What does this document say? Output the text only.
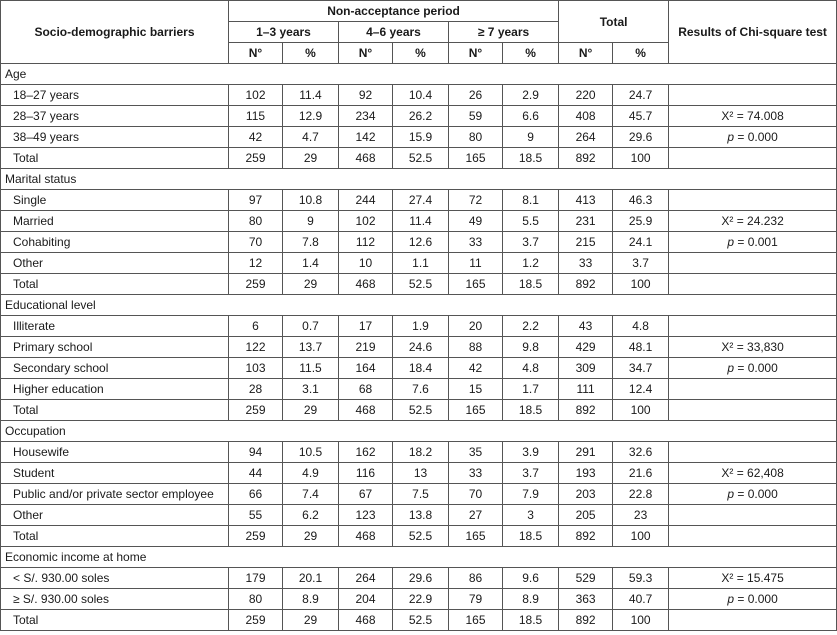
Socio-demographic barriers	Non-acceptance period						Total		Results of Chi-square test
	1–3 years		4–6 years		≥ 7 years				
	N°	%	N°	%	N°	%	N°	%	
Age									
18–27 years	102	11.4	92	10.4	26	2.9	220	24.7	
28–37 years	115	12.9	234	26.2	59	6.6	408	45.7	X² = 74.008
38–49 years	42	4.7	142	15.9	80	9	264	29.6	p = 0.000
Total	259	29	468	52.5	165	18.5	892	100	
Marital status									
Single	97	10.8	244	27.4	72	8.1	413	46.3	
Married	80	9	102	11.4	49	5.5	231	25.9	X² = 24.232
Cohabiting	70	7.8	112	12.6	33	3.7	215	24.1	p = 0.001
Other	12	1.4	10	1.1	11	1.2	33	3.7	
Total	259	29	468	52.5	165	18.5	892	100	
Educational level									
Illiterate	6	0.7	17	1.9	20	2.2	43	4.8	
Primary school	122	13.7	219	24.6	88	9.8	429	48.1	X² = 33,830
Secondary school	103	11.5	164	18.4	42	4.8	309	34.7	p = 0.000
Higher education	28	3.1	68	7.6	15	1.7	111	12.4	
Total	259	29	468	52.5	165	18.5	892	100	
Occupation									
Housewife	94	10.5	162	18.2	35	3.9	291	32.6	
Student	44	4.9	116	13	33	3.7	193	21.6	X² = 62,408
Public and/or private sector employee	66	7.4	67	7.5	70	7.9	203	22.8	p = 0.000
Other	55	6.2	123	13.8	27	3	205	23	
Total	259	29	468	52.5	165	18.5	892	100	
Economic income at home									
< S/. 930.00 soles	179	20.1	264	29.6	86	9.6	529	59.3	X² = 15.475
≥ S/. 930.00 soles	80	8.9	204	22.9	79	8.9	363	40.7	p = 0.000
Total	259	29	468	52.5	165	18.5	892	100	
